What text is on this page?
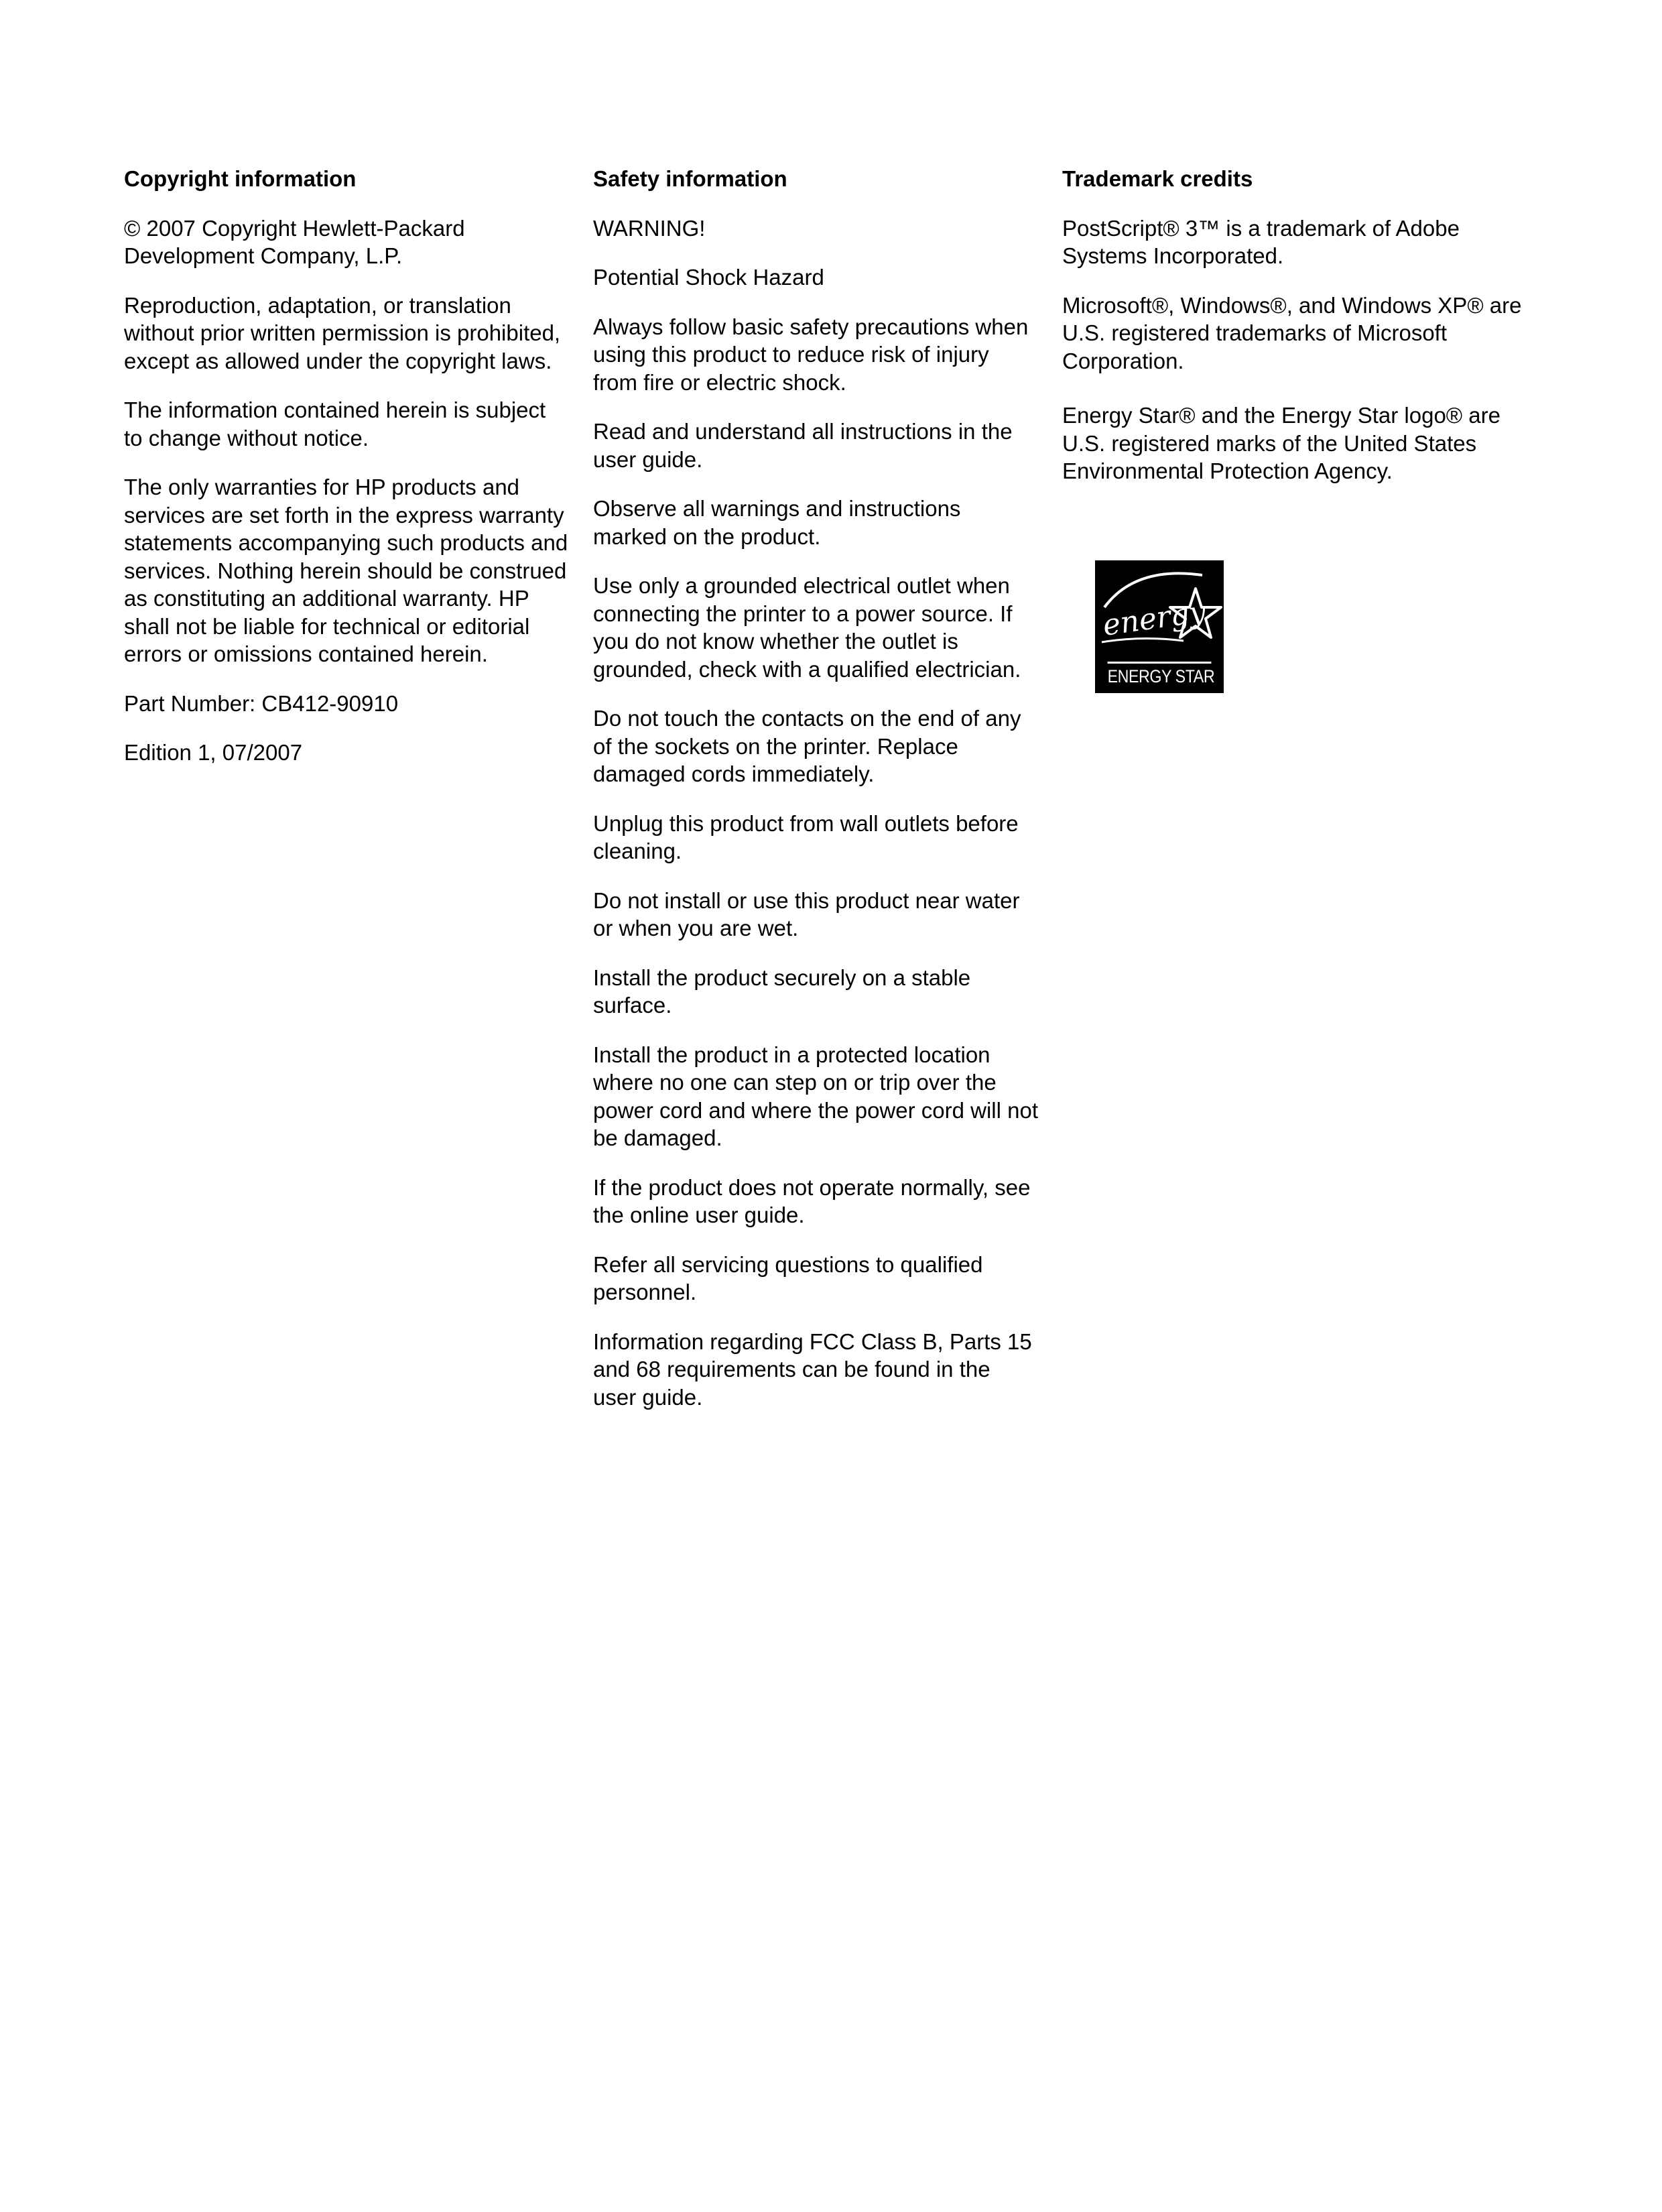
Copyright information

© 2007 Copyright Hewlett-Packard Development Company, L.P.

Reproduction, adaptation, or translation without prior written permission is prohibited, except as allowed under the copyright laws.

The information contained herein is subject to change without notice.

The only warranties for HP products and services are set forth in the express warranty statements accompanying such products and services. Nothing herein should be construed as constituting an additional warranty. HP shall not be liable for technical or editorial errors or omissions contained herein.

Part Number: CB412-90910

Edition 1, 07/2007

Safety information

WARNING!

Potential Shock Hazard

Always follow basic safety precautions when using this product to reduce risk of injury from fire or electric shock.

Read and understand all instructions in the user guide.

Observe all warnings and instructions marked on the product.

Use only a grounded electrical outlet when connecting the printer to a power source. If you do not know whether the outlet is grounded, check with a qualified electrician.

Do not touch the contacts on the end of any of the sockets on the printer. Replace damaged cords immediately.

Unplug this product from wall outlets before cleaning.

Do not install or use this product near water or when you are wet.

Install the product securely on a stable surface.

Install the product in a protected location where no one can step on or trip over the power cord and where the power cord will not be damaged.

If the product does not operate normally, see the online user guide.

Refer all servicing questions to qualified personnel.

Information regarding FCC Class B, Parts 15 and 68 requirements can be found in the user guide.

Trademark credits

PostScript® 3™ is a trademark of Adobe Systems Incorporated.

Microsoft®, Windows®, and Windows XP® are U.S. registered trademarks of Microsoft Corporation.

Energy Star® and the Energy Star logo® are U.S. registered marks of the United States Environmental Protection Agency.

energy
ENERGY STAR
